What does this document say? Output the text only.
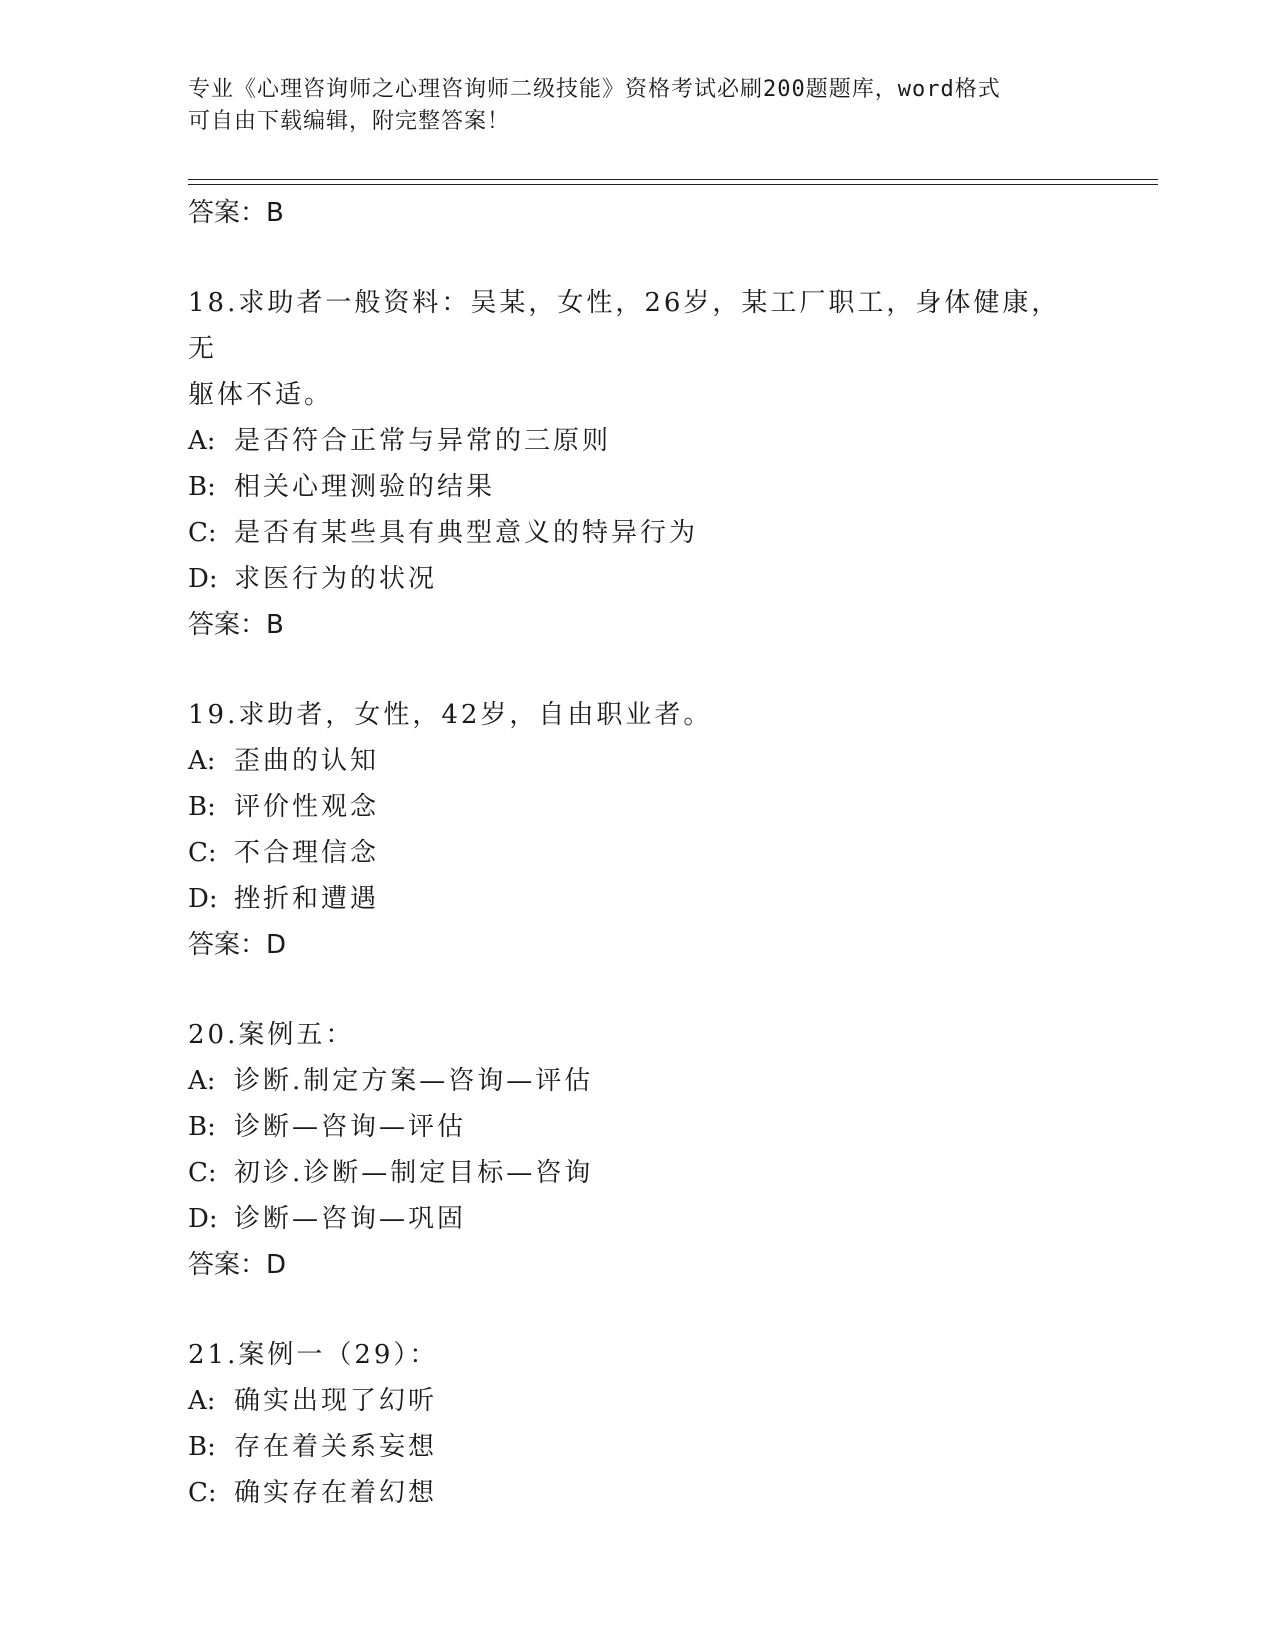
专业《心理咨询师之心理咨询师二级技能》资格考试必刷200题题库，word格式
可自由下载编辑，附完整答案！
答案：B
18.求助者一般资料：吴某，女性，26岁，某工厂职工，身体健康，无
躯体不适。
A: 是否符合正常与异常的三原则
B: 相关心理测验的结果
C: 是否有某些具有典型意义的特异行为
D: 求医行为的状况
答案：B
19.求助者，女性，42岁，自由职业者。
A: 歪曲的认知
B: 评价性观念
C: 不合理信念
D: 挫折和遭遇
答案：D
20.案例五：
A: 诊断.制定方案—咨询—评估
B: 诊断—咨询—评估
C: 初诊.诊断—制定目标—咨询
D: 诊断—咨询—巩固
答案：D
21.案例一（29）：
A: 确实出现了幻听
B: 存在着关系妄想
C: 确实存在着幻想
